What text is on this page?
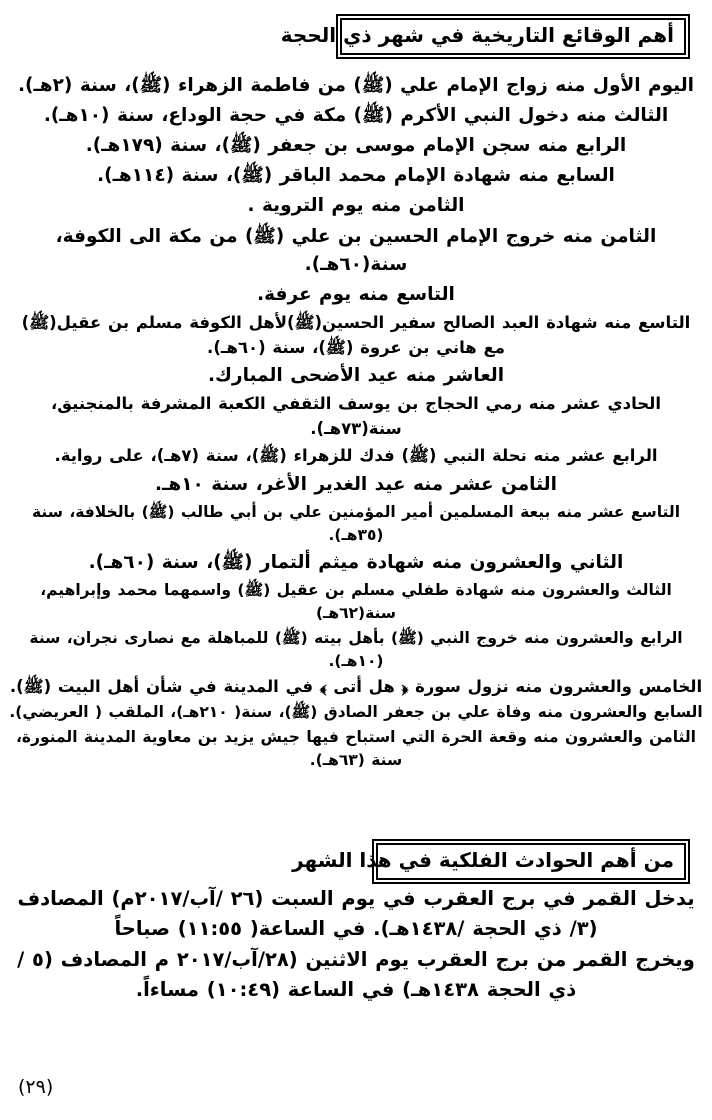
أهم الوقائع التاريخية في شهر ذي الحجة

اليوم الأول منه زواج الإمام علي (ﷺ) من فاطمة الزهراء (ﷺ)، سنة (٢هـ).

الثالث منه دخول النبي الأكرم (ﷺ) مكة في حجة الوداع، سنة (١٠هـ).

الرابع منه سجن الإمام موسى بن جعفر (ﷺ)، سنة (١٧٩هـ).

السابع منه شهادة الإمام محمد الباقر (ﷺ)، سنة (١١٤هـ).

الثامن منه يوم التروية .

الثامن منه خروج الإمام الحسين بن علي (ﷺ) من مكة الى الكوفة، سنة(٦٠هـ).

التاسع منه يوم عرفة.

التاسع منه شهادة العبد الصالح سفير الحسين(ﷺ)لأهل الكوفة مسلم بن عقيل(ﷺ) مع هاني بن عروة (ﷺ)، سنة (٦٠هـ).

العاشر منه عيد الأضحى المبارك.

الحادي عشر منه رمي الحجاج بن يوسف الثقفي الكعبة المشرفة بالمنجنيق، سنة(٧٣هـ).

الرابع عشر منه نحلة النبي (ﷺ) فدك للزهراء (ﷺ)، سنة (٧هـ)، على رواية.

الثامن عشر منه عيد الغدير الأغر، سنة ١٠هـ.

التاسع عشر منه بيعة المسلمين أمير المؤمنين علي بن أبي طالب (ﷺ) بالخلافة، سنة (٣٥هـ).

الثاني والعشرون منه شهادة ميثم ألتمار (ﷺ)، سنة (٦٠هـ).

الثالث والعشرون منه شهادة طفلي مسلم بن عقيل (ﷺ) واسمهما محمد وإبراهيم، سنة(٦٢هـ)

الرابع والعشرون منه خروج النبي (ﷺ) بأهل بيته (ﷺ) للمباهلة مع نصارى نجران، سنة (١٠هـ).

الخامس والعشرون منه نزول سورة ﴿ هل أتى ﴾ في المدينة في شأن أهل البيت (ﷺ).

السابع والعشرون منه وفاة علي بن جعفر الصادق (ﷺ)، سنة( ٢١٠هـ)، الملقب ( العريضي).

الثامن والعشرون منه وقعة الحرة التي استباح فيها جيش يزيد بن معاوية المدينة المنورة، سنة (٦٣هـ).

من أهم الحوادث الفلكية في هذا الشهر

يدخل القمر في برج العقرب في يوم السبت (٢٦ /آب/٢٠١٧م) المصادف (٣/ ذي الحجة /١٤٣٨هـ). في الساعة( ١١:٥٥) صباحاً

ويخرج القمر من برج العقرب يوم الاثنين (٢٨/آب/٢٠١٧ م المصادف (٥ /ذي الحجة ١٤٣٨هـ) في الساعة (١٠:٤٩) مساءاً.

(٢٩)
